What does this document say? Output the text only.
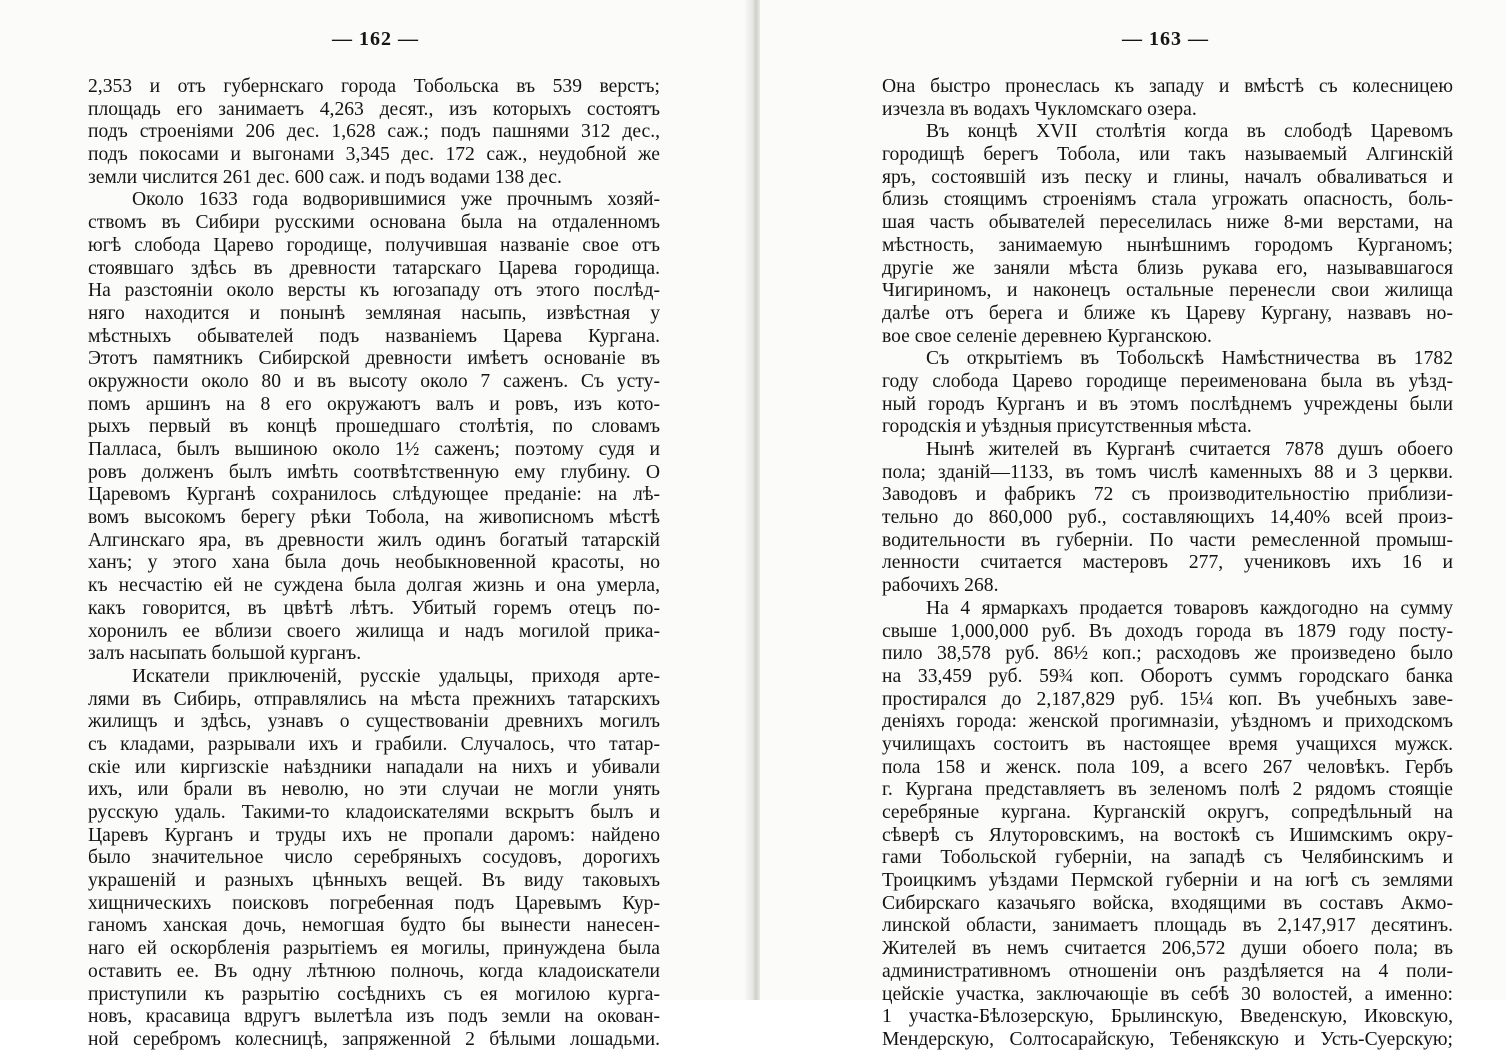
— 162 —
2,353 и отъ губернскаго города Тобольска въ 539 верстъ;
площадь его занимаетъ 4,263 десят., изъ которыхъ состоятъ
подъ строеніями 206 дес. 1,628 саж.; подъ пашнями 312 дес.,
подъ покосами и выгонами 3,345 дес. 172 саж., неудобной же
земли числится 261 дес. 600 саж. и подъ водами 138 дес.
Около 1633 года водворившимися уже прочнымъ хозяй-
ствомъ въ Сибири русскими основана была на отдаленномъ
югѣ слобода Царево городище, получившая названіе свое отъ
стоявшаго здѣсь въ древности татарскаго Царева городища.
На разстояніи около версты къ югозападу отъ этого послѣд-
няго находится и понынѣ земляная насыпь, извѣстная у
мѣстныхъ обывателей подъ названіемъ Царева Кургана.
Этотъ памятникъ Сибирской древности имѣетъ основаніе въ
окружности около 80 и въ высоту около 7 саженъ. Съ усту-
помъ аршинъ на 8 его окружаютъ валъ и ровъ, изъ кото-
рыхъ первый въ концѣ прошедшаго столѣтія, по словамъ
Палласа, былъ вышиною около 1½ саженъ; поэтому судя и
ровъ долженъ былъ имѣть соотвѣтственную ему глубину. О
Царевомъ Курганѣ сохранилось слѣдующее преданіе: на лѣ-
вомъ высокомъ берегу рѣки Тобола, на живописномъ мѣстѣ
Алгинскаго яра, въ древности жилъ одинъ богатый татарскій
ханъ; у этого хана была дочь необыкновенной красоты, но
къ несчастію ей не суждена была долгая жизнь и она умерла,
какъ говорится, въ цвѣтѣ лѣтъ. Убитый горемъ отецъ по-
хоронилъ ее вблизи своего жилища и надъ могилой прика-
залъ насыпать большой курганъ.
Искатели приключеній, русскіе удальцы, приходя арте-
лями въ Сибирь, отправлялись на мѣста прежнихъ татарскихъ
жилищъ и здѣсь, узнавъ о существованіи древнихъ могилъ
съ кладами, разрывали ихъ и грабили. Случалось, что татар-
скіе или киргизскіе наѣздники нападали на нихъ и убивали
ихъ, или брали въ неволю, но эти случаи не могли унять
русскую удаль. Такими-то кладоискателями вскрытъ былъ и
Царевъ Курганъ и труды ихъ не пропали даромъ: найдено
было значительное число серебряныхъ сосудовъ, дорогихъ
украшеній и разныхъ цѣнныхъ вещей. Въ виду таковыхъ
хищническихъ поисковъ погребенная подъ Царевымъ Кур-
ганомъ ханская дочь, немогшая будто бы вынести нанесен-
наго ей оскорбленія разрытіемъ ея могилы, принуждена была
оставить ее. Въ одну лѣтнюю полночь, когда кладоискатели
приступили къ разрытію сосѣднихъ съ ея могилою курга-
новъ, красавица вдругъ вылетѣла изъ подъ земли на окован-
ной серебромъ колесницѣ, запряженной 2 бѣлыми лошадьми.
— 163 —
Она быстро пронеслась къ западу и вмѣстѣ съ колесницею
изчезла въ водахъ Чукломскаго озера.
Въ концѣ XVII столѣтія когда въ слободѣ Царевомъ
городищѣ берегъ Тобола, или такъ называемый Алгинскій
яръ, состоявшій изъ песку и глины, началъ обваливаться и
близь стоящимъ строеніямъ стала угрожать опасность, боль-
шая часть обывателей переселилась ниже 8-ми верстами, на
мѣстность, занимаемую нынѣшнимъ городомъ Курганомъ;
другіе же заняли мѣста близь рукава его, называвшагося
Чигириномъ, и наконецъ остальные перенесли свои жилища
далѣе отъ берега и ближе къ Цареву Кургану, назвавъ но-
вое свое селеніе деревнею Курганскою.
Съ открытіемъ въ Тобольскѣ Намѣстничества въ 1782
году слобода Царево городище переименована была въ уѣзд-
ный городъ Курганъ и въ этомъ послѣднемъ учреждены были
городскія и уѣздныя присутственныя мѣста.
Нынѣ жителей въ Курганѣ считается 7878 душъ обоего
пола; зданій—1133, въ томъ числѣ каменныхъ 88 и 3 церкви.
Заводовъ и фабрикъ 72 съ производительностію приблизи-
тельно до 860,000 руб., составляющихъ 14,40% всей произ-
водительности въ губерніи. По части ремесленной промыш-
ленности считается мастеровъ 277, учениковъ ихъ 16 и
рабочихъ 268.
На 4 ярмаркахъ продается товаровъ каждогодно на сумму
свыше 1,000,000 руб. Въ доходъ города въ 1879 году посту-
пило 38,578 руб. 86½ коп.; расходовъ же произведено было
на 33,459 руб. 59¾ коп. Оборотъ суммъ городскаго банка
простирался до 2,187,829 руб. 15¼ коп. Въ учебныхъ заве-
деніяхъ города: женской прогимназіи, уѣздномъ и приходскомъ
училищахъ состоитъ въ настоящее время учащихся мужск.
пола 158 и женск. пола 109, а всего 267 человѣкъ. Гербъ
г. Кургана представляетъ въ зеленомъ полѣ 2 рядомъ стоящіе
серебряные кургана. Курганскій округъ, сопредѣльный на
сѣверѣ съ Ялуторовскимъ, на востокѣ съ Ишимскимъ окру-
гами Тобольской губерніи, на западѣ съ Челябинскимъ и
Троицкимъ уѣздами Пермской губерніи и на югѣ съ землями
Сибирскаго казачьяго войска, входящими въ составъ Акмо-
линской области, занимаетъ площадь въ 2,147,917 десятинъ.
Жителей въ немъ считается 206,572 души обоего пола; въ
административномъ отношеніи онъ раздѣляется на 4 поли-
цейскіе участка, заключающіе въ себѣ 30 волостей, а именно:
1 участка-Бѣлозерскую, Брылинскую, Введенскую, Иковскую,
Мендерскую, Солтосарайскую, Тебенякскую и Усть-Суерскую;
